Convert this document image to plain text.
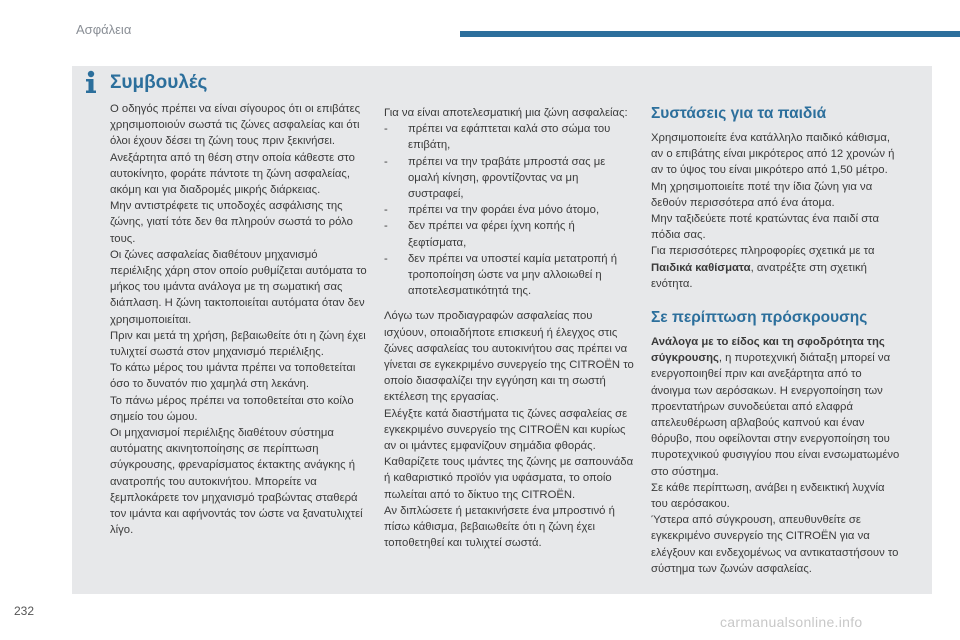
Ασφάλεια
Συμβουλές

Ο οδηγός πρέπει να είναι σίγουρος ότι οι επιβάτες χρησιμοποιούν σωστά τις ζώνες ασφαλείας και ότι όλοι έχουν δέσει τη ζώνη τους πριν ξεκινήσει.

Ανεξάρτητα από τη θέση στην οποία κάθεστε στο αυτοκίνητο, φοράτε πάντοτε τη ζώνη ασφαλείας, ακόμη και για διαδρομές μικρής διάρκειας.

Μην αντιστρέφετε τις υποδοχές ασφάλισης της ζώνης, γιατί τότε δεν θα πληρούν σωστά το ρόλο τους.

Οι ζώνες ασφαλείας διαθέτουν μηχανισμό περιέλιξης χάρη στον οποίο ρυθμίζεται αυτόματα το μήκος του ιμάντα ανάλογα με τη σωματική σας διάπλαση. Η ζώνη τακτοποιείται αυτόματα όταν δεν χρησιμοποιείται.

Πριν και μετά τη χρήση, βεβαιωθείτε ότι η ζώνη έχει τυλιχτεί σωστά στον μηχανισμό περιέλιξης.

Το κάτω μέρος του ιμάντα πρέπει να τοποθετείται όσο το δυνατόν πιο χαμηλά στη λεκάνη.

Το πάνω μέρος πρέπει να τοποθετείται στο κοίλο σημείο του ώμου.

Οι μηχανισμοί περιέλιξης διαθέτουν σύστημα αυτόματης ακινητοποίησης σε περίπτωση σύγκρουσης, φρεναρίσματος έκτακτης ανάγκης ή ανατροπής του αυτοκινήτου. Μπορείτε να ξεμπλοκάρετε τον μηχανισμό τραβώντας σταθερά τον ιμάντα και αφήνοντάς τον ώστε να ξανατυλιχτεί λίγο.

Για να είναι αποτελεσματική μια ζώνη ασφαλείας:

- πρέπει να εφάπτεται καλά στο σώμα του επιβάτη,
- πρέπει να την τραβάτε μπροστά σας με ομαλή κίνηση, φροντίζοντας να μη συστραφεί,
- πρέπει να την φοράει ένα μόνο άτομο,
- δεν πρέπει να φέρει ίχνη κοπής ή ξεφτίσματα,
- δεν πρέπει να υποστεί καμία μετατροπή ή τροποποίηση ώστε να μην αλλοιωθεί η αποτελεσματικότητά της.

Λόγω των προδιαγραφών ασφαλείας που ισχύουν, οποιαδήποτε επισκευή ή έλεγχος στις ζώνες ασφαλείας του αυτοκινήτου σας πρέπει να γίνεται σε εγκεκριμένο συνεργείο της CITROËN το οποίο διασφαλίζει την εγγύηση και τη σωστή εκτέλεση της εργασίας.

Ελέγξτε κατά διαστήματα τις ζώνες ασφαλείας σε εγκεκριμένο συνεργείο της CITROËN και κυρίως αν οι ιμάντες εμφανίζουν σημάδια φθοράς.

Καθαρίζετε τους ιμάντες της ζώνης με σαπουνάδα ή καθαριστικό προϊόν για υφάσματα, το οποίο πωλείται από το δίκτυο της CITROËN.

Αν διπλώσετε ή μετακινήσετε ένα μπροστινό ή πίσω κάθισμα, βεβαιωθείτε ότι η ζώνη έχει τοποθετηθεί και τυλιχτεί σωστά.

Συστάσεις για τα παιδιά

Χρησιμοποιείτε ένα κατάλληλο παιδικό κάθισμα, αν ο επιβάτης είναι μικρότερος από 12 χρονών ή αν το ύψος του είναι μικρότερο από 1,50 μέτρο.

Μη χρησιμοποιείτε ποτέ την ίδια ζώνη για να δεθούν περισσότερα από ένα άτομα.

Μην ταξιδεύετε ποτέ κρατώντας ένα παιδί στα πόδια σας.

Για περισσότερες πληροφορίες σχετικά με τα Παιδικά καθίσματα, ανατρέξτε στη σχετική ενότητα.

Σε περίπτωση πρόσκρουσης

Ανάλογα με το είδος και τη σφοδρότητα της σύγκρουσης, η πυροτεχνική διάταξη μπορεί να ενεργοποιηθεί πριν και ανεξάρτητα από το άνοιγμα των αερόσακων. Η ενεργοποίηση των προεντατήρων συνοδεύεται από ελαφρά απελευθέρωση αβλαβούς καπνού και έναν θόρυβο, που οφείλονται στην ενεργοποίηση του πυροτεχνικού φυσιγγίου που είναι ενσωματωμένο στο σύστημα.

Σε κάθε περίπτωση, ανάβει η ενδεικτική λυχνία του αερόσακου.

Ύστερα από σύγκρουση, απευθυνθείτε σε εγκεκριμένο συνεργείο της CITROËN για να ελέγξουν και ενδεχομένως να αντικαταστήσουν το σύστημα των ζωνών ασφαλείας.

232
carmanualsonline.info
